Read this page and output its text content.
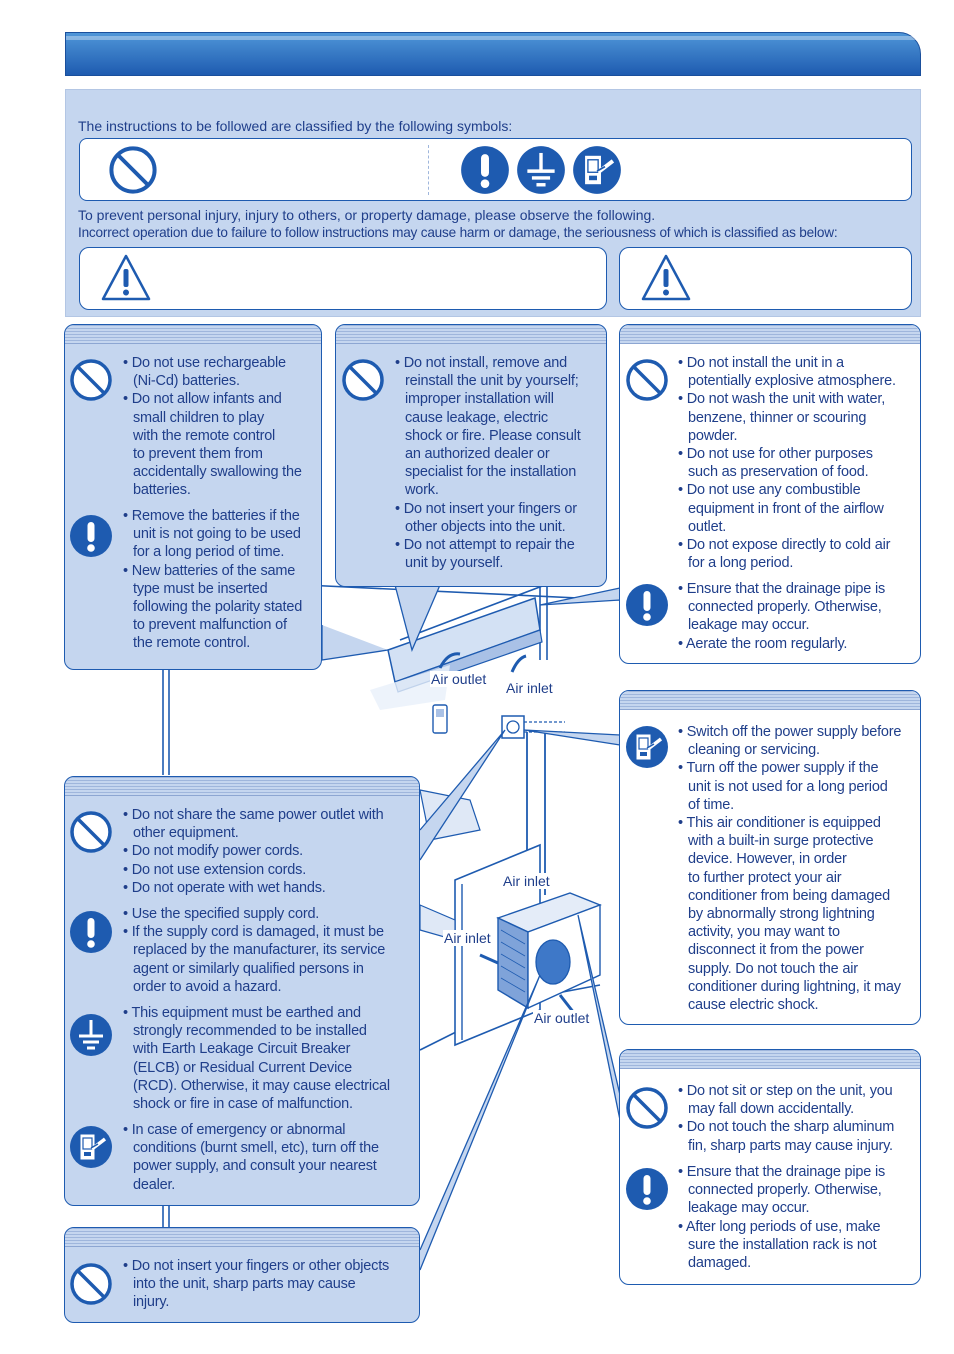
The instructions to be followed are classified by the following symbols:
To prevent personal injury, injury to others, or property damage, please observe the following.
Incorrect operation due to failure to follow instructions may cause harm or damage, the seriousness of which is classified as below:
Air outlet
Air inlet
Air inlet
Air inlet
Air outlet
• Do not use rechargeable
(Ni-Cd) batteries.
• Do not allow infants and
small children to play
with the remote control
to prevent them from
accidentally swallowing the
batteries.
• Remove the batteries if the
unit is not going to be used
for a long period of time.
• New batteries of the same
type must be inserted
following the polarity stated
to prevent malfunction of
the remote control.
• Do not install, remove and
reinstall the unit by yourself;
improper installation will
cause leakage, electric
shock or fire. Please consult
an authorized dealer or
specialist for the installation
work.
• Do not insert your fingers or
other objects into the unit.
• Do not attempt to repair the
unit by yourself.
• Do not install the unit in a
potentially explosive atmosphere.
• Do not wash the unit with water,
benzene, thinner or scouring
powder.
• Do not use for other purposes
such as preservation of food.
• Do not use any combustible
equipment in front of the airflow
outlet.
• Do not expose directly to cold air
for a long period.
• Ensure that the drainage pipe is
connected properly. Otherwise,
leakage may occur.
• Aerate the room regularly.
• Switch off the power supply before
cleaning or servicing.
• Turn off the power supply if the
unit is not used for a long period
of time.
• This air conditioner is equipped
with a built-in surge protective
device. However, in order
to further protect your air
conditioner from being damaged
by abnormally strong lightning
activity, you may want to
disconnect it from the power
supply. Do not touch the air
conditioner during lightning, it may
cause electric shock.
• Do not share the same power outlet with
other equipment.
• Do not modify power cords.
• Do not use extension cords.
• Do not operate with wet hands.
• Use the specified supply cord.
• If the supply cord is damaged, it must be
replaced by the manufacturer, its service
agent or similarly qualified persons in
order to avoid a hazard.
• This equipment must be earthed and
strongly recommended to be installed
with Earth Leakage Circuit Breaker
(ELCB) or Residual Current Device
(RCD). Otherwise, it may cause electrical
shock or fire in case of malfunction.
• In case of emergency or abnormal
conditions (burnt smell, etc), turn off the
power supply, and consult your nearest
dealer.
• Do not insert your fingers or other objects
into the unit, sharp parts may cause
injury.
• Do not sit or step on the unit, you
may fall down accidentally.
• Do not touch the sharp aluminum
fin, sharp parts may cause injury.
• Ensure that the drainage pipe is
connected properly. Otherwise,
leakage may occur.
• After long periods of use, make
sure the installation rack is not
damaged.
